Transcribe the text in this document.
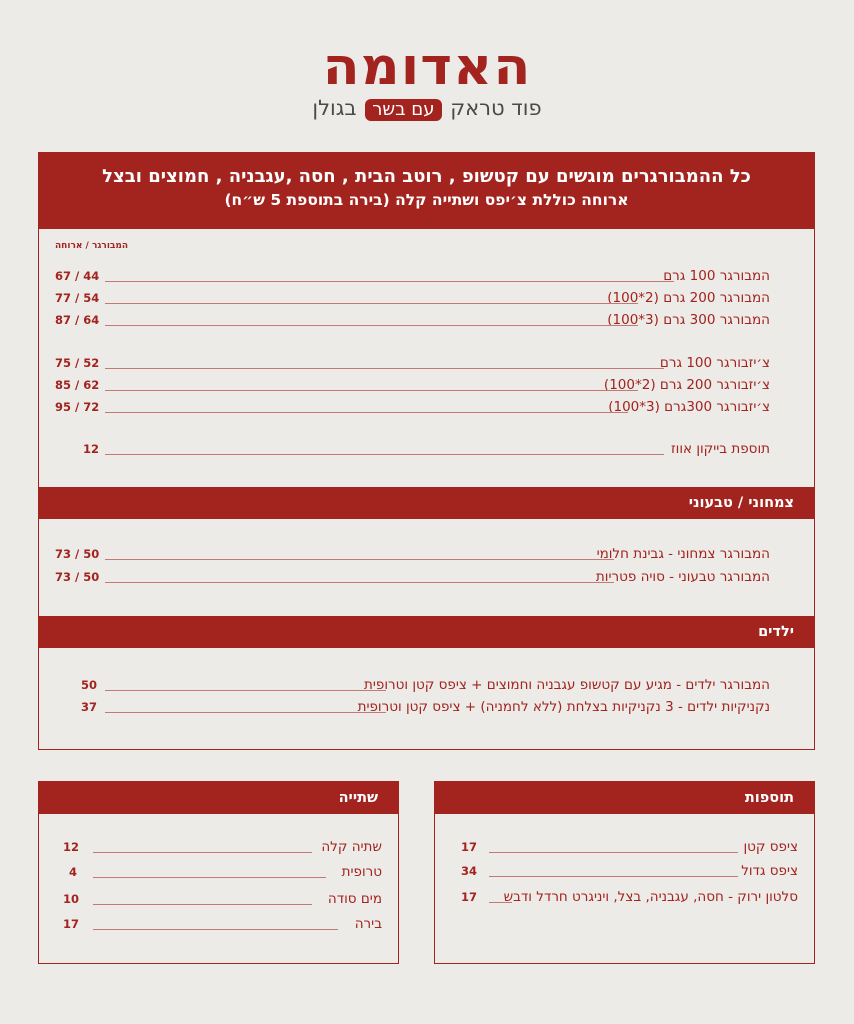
האדומה
פוד טראק עם בשר בגולן
כל ההמבורגרים מוגשים עם קטשופ , רוטב הבית , חסה ,עגבניה , חמוצים ובצל
ארוחה כוללת צ׳יפס ושתייה קלה (בירה בתוספת 5 ש״ח)
המבורגר / ארוחה
המבורגר 100 גרם
67 / 44
המבורגר 200 גרם (2*100)
77 / 54
המבורגר 300 גרם (3*100)
87 / 64
צ׳יזבורגר 100 גרם
75 / 52
צ׳יזבורגר 200 גרם (2*100)
85 / 62
צ׳יזבורגר 300גרם (3*100)
95 / 72
תוספת בייקון אווז
12
צמחוני / טבעוני
המבורגר צמחוני - גבינת חלומי
73 / 50
המבורגר טבעוני - סויה פטריות
73 / 50
ילדים
המבורגר ילדים - מגיע עם קטשופ עגבניה וחמוצים + ציפס קטן וטרופית
50
נקניקיות ילדים - 3 נקניקיות בצלחת (ללא לחמניה) + ציפס קטן וטרופית
37
תוספות
ציפס קטן
17
ציפס גדול
34
סלטון ירוק - חסה, עגבניה, בצל, ויניגרט חרדל ודבש
17
שתייה
שתיה קלה
12
טרופית
4
מים סודה
10
בירה
17
